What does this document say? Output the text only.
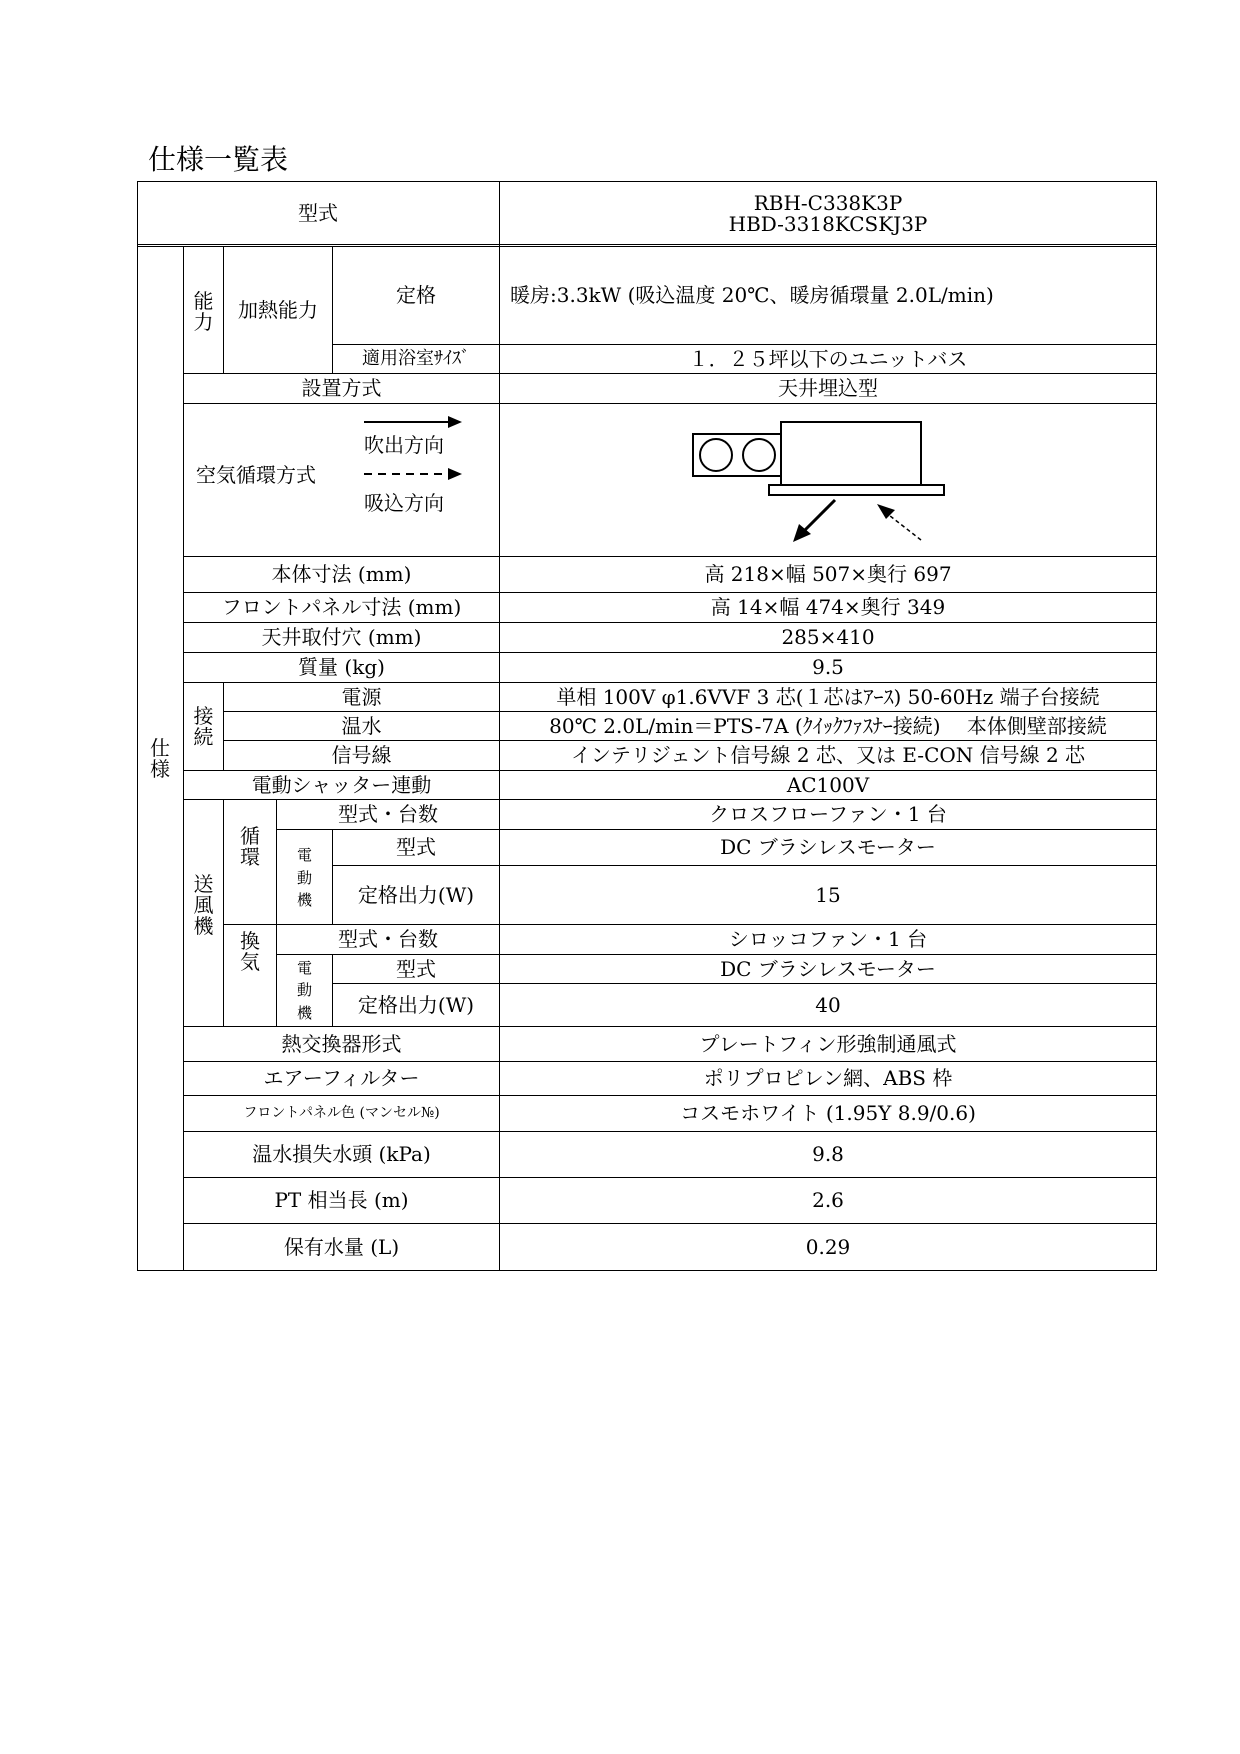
仕様一覧表
型式	RBH-C338K3P
HBD-3318KCSKJ3P
仕
様
能
力
加熱能力
定格	暖房:3.3kW (吸込温度 20℃、暖房循環量 2.0L/min)
適用浴室ｻｲｽﾞ	１．２５坪以下のユニットバス
設置方式	天井埋込型
空気循環方式
吹出方向
吸込方向
本体寸法 (mm)	高 218×幅 507×奥行 697
フロントパネル寸法 (mm)	高 14×幅 474×奥行 349
天井取付穴 (mm)	285×410
質量 (kg)	9.5
接
続
電源	単相 100V φ1.6VVF 3 芯(１芯はｱｰｽ) 50-60Hz 端子台接続
温水	80℃ 2.0L/min＝PTS-7A (ｸｲｯｸﾌｧｽﾅｰ接続)　 本体側壁部接続
信号線	インテリジェント信号線 2 芯、又は E-CON 信号線 2 芯
電動シャッター連動	AC100V
送
風
機
循
環
型式・台数	クロスフローファン・1 台
電
動
機
型式	DC ブラシレスモーター
定格出力(W)	15
換
気
型式・台数	シロッコファン・1 台
電
動
機
型式	DC ブラシレスモーター
定格出力(W)	40
熱交換器形式	プレートフィン形強制通風式
エアーフィルター	ポリプロピレン網、ABS 枠
フロントパネル色 (マンセル№)	コスモホワイト (1.95Y 8.9/0.6)
温水損失水頭 (kPa)	9.8
PT 相当長 (m)	2.6
保有水量 (L)	0.29
